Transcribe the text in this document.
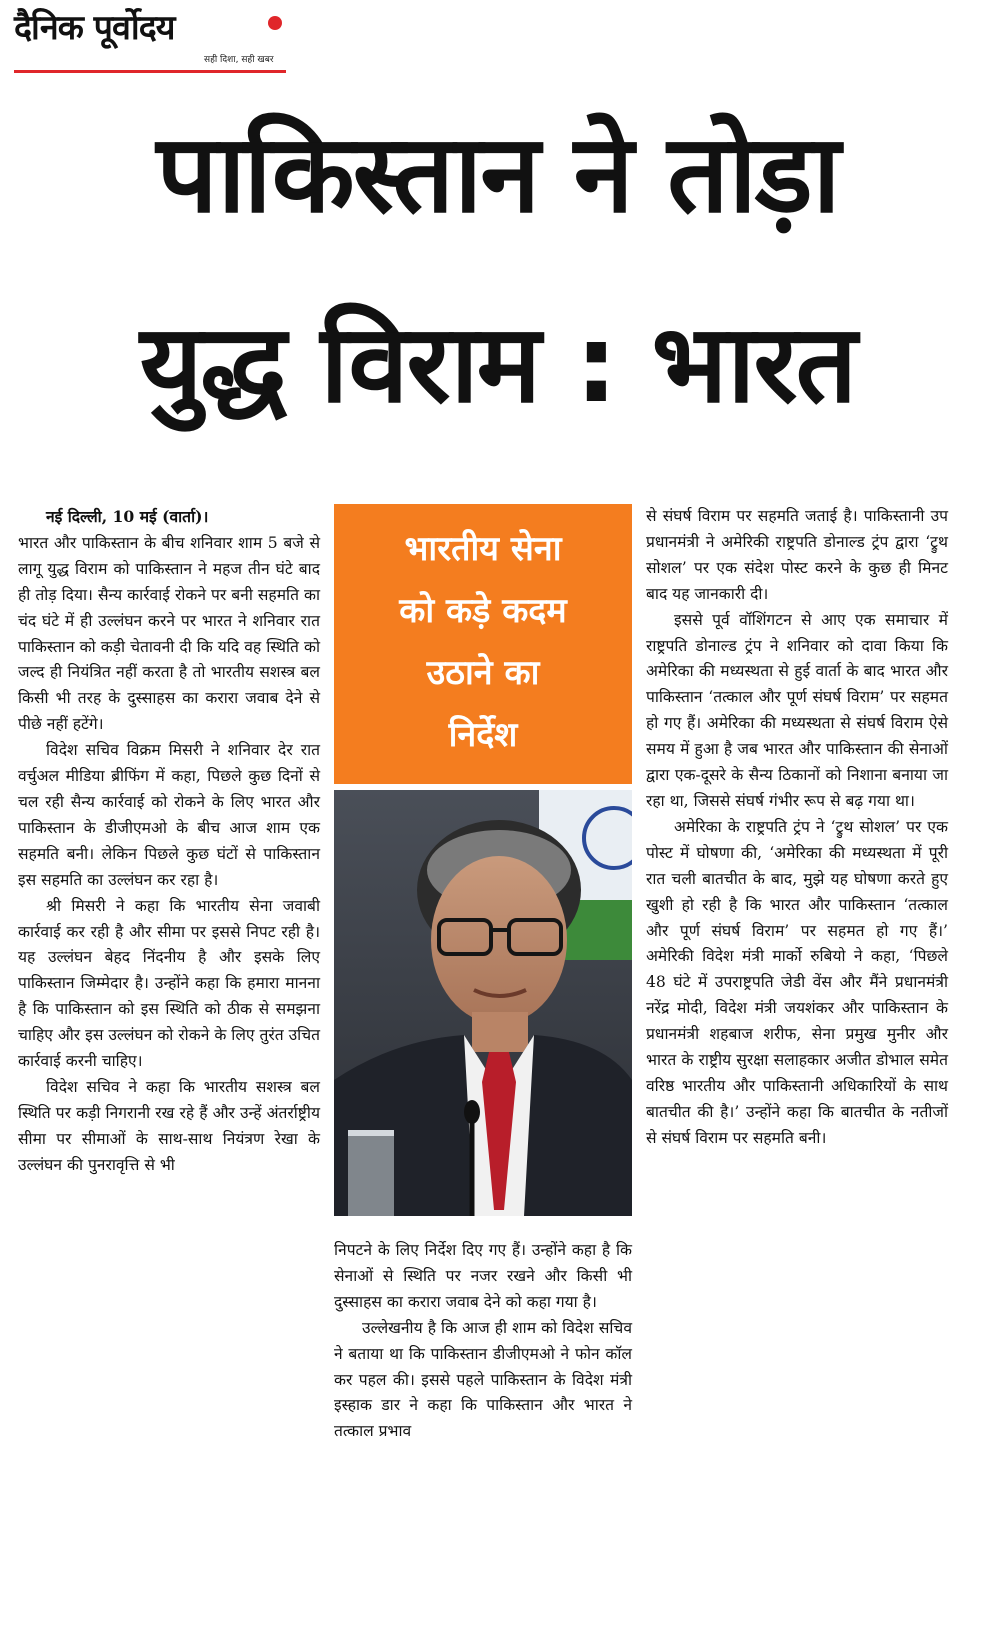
दैनिक पूर्वोदय
सही दिशा, सही खबर
पाकिस्तान ने तोड़ा
युद्ध विराम : भारत

नई दिल्ली, 10 मई (वार्ता)।
भारत और पाकिस्तान के बीच शनिवार शाम 5 बजे से लागू युद्ध विराम को पाकिस्तान ने महज तीन घंटे बाद ही तोड़ दिया। सैन्य कार्रवाई रोकने पर बनी सहमति का चंद घंटे में ही उल्लंघन करने पर भारत ने शनिवार रात पाकिस्तान को कड़ी चेतावनी दी कि यदि वह स्थिति को जल्द ही नियंत्रित नहीं करता है तो भारतीय सशस्त्र बल किसी भी तरह के दुस्साहस का करारा जवाब देने से पीछे नहीं हटेंगे।

विदेश सचिव विक्रम मिसरी ने शनिवार देर रात वर्चुअल मीडिया ब्रीफिंग में कहा, पिछले कुछ दिनों से चल रही सैन्य कार्रवाई को रोकने के लिए भारत और पाकिस्तान के डीजीएमओ के बीच आज शाम एक सहमति बनी। लेकिन पिछले कुछ घंटों से पाकिस्तान इस सहमति का उल्लंघन कर रहा है।

श्री मिसरी ने कहा कि भारतीय सेना जवाबी कार्रवाई कर रही है और सीमा पर इससे निपट रही है। यह उल्लंघन बेहद निंदनीय है और इसके लिए पाकिस्तान जिम्मेदार है। उन्होंने कहा कि हमारा मानना है कि पाकिस्तान को इस स्थिति को ठीक से समझना चाहिए और इस उल्लंघन को रोकने के लिए तुरंत उचित कार्रवाई करनी चाहिए।

विदेश सचिव ने कहा कि भारतीय सशस्त्र बल स्थिति पर कड़ी निगरानी रख रहे हैं और उन्हें अंतर्राष्ट्रीय सीमा पर सीमाओं के साथ-साथ नियंत्रण रेखा के उल्लंघन की पुनरावृत्ति से भी

भारतीय सेना
को कड़े कदम
उठाने का
निर्देश

निपटने के लिए निर्देश दिए गए हैं। उन्होंने कहा है कि सेनाओं से स्थिति पर नजर रखने और किसी भी दुस्साहस का करारा जवाब देने को कहा गया है।

उल्लेखनीय है कि आज ही शाम को विदेश सचिव ने बताया था कि पाकिस्तान डीजीएमओ ने फोन कॉल कर पहल की। इससे पहले पाकिस्तान के विदेश मंत्री इस्हाक डार ने कहा कि पाकिस्तान और भारत ने तत्काल प्रभाव

से संघर्ष विराम पर सहमति जताई है। पाकिस्तानी उप प्रधानमंत्री ने अमेरिकी राष्ट्रपति डोनाल्ड ट्रंप द्वारा ‘ट्रुथ सोशल’ पर एक संदेश पोस्ट करने के कुछ ही मिनट बाद यह जानकारी दी।

इससे पूर्व वॉशिंगटन से आए एक समाचार में राष्ट्रपति डोनाल्ड ट्रंप ने शनिवार को दावा किया कि अमेरिका की मध्यस्थता से हुई वार्ता के बाद भारत और पाकिस्तान ‘तत्काल और पूर्ण संघर्ष विराम’ पर सहमत हो गए हैं। अमेरिका की मध्यस्थता से संघर्ष विराम ऐसे समय में हुआ है जब भारत और पाकिस्तान की सेनाओं द्वारा एक-दूसरे के सैन्य ठिकानों को निशाना बनाया जा रहा था, जिससे संघर्ष गंभीर रूप से बढ़ गया था।

अमेरिका के राष्ट्रपति ट्रंप ने ‘ट्रुथ सोशल’ पर एक पोस्ट में घोषणा की, ‘अमेरिका की मध्यस्थता में पूरी रात चली बातचीत के बाद, मुझे यह घोषणा करते हुए खुशी हो रही है कि भारत और पाकिस्तान ‘तत्काल और पूर्ण संघर्ष विराम’ पर सहमत हो गए हैं।’ अमेरिकी विदेश मंत्री मार्को रुबियो ने कहा, ‘पिछले 48 घंटे में उपराष्ट्रपति जेडी वेंस और मैंने प्रधानमंत्री नरेंद्र मोदी, विदेश मंत्री जयशंकर और पाकिस्तान के प्रधानमंत्री शहबाज शरीफ, सेना प्रमुख मुनीर और भारत के राष्ट्रीय सुरक्षा सलाहकार अजीत डोभाल समेत वरिष्ठ भारतीय और पाकिस्तानी अधिकारियों के साथ बातचीत की है।’ उन्होंने कहा कि बातचीत के नतीजों से संघर्ष विराम पर सहमति बनी।
